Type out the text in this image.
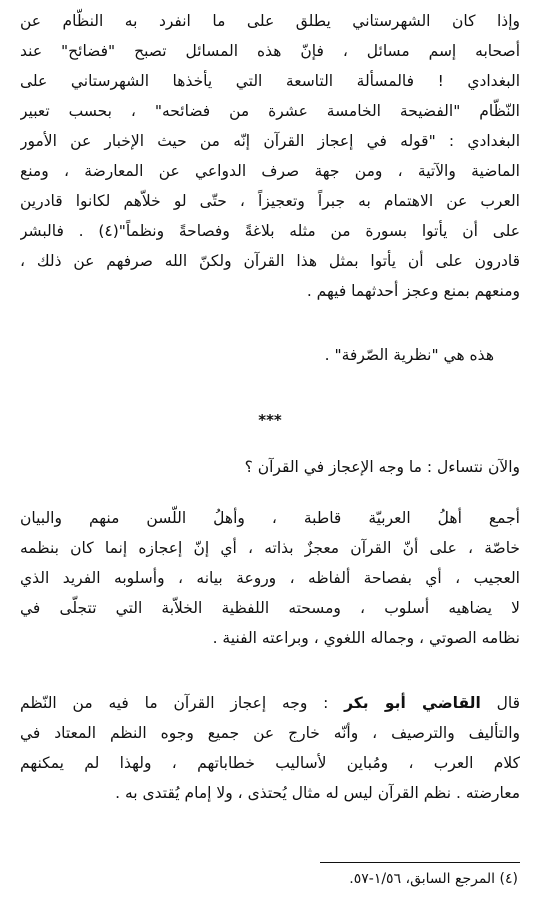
وإذا كان الشهرستاني يطلق على ما انفرد به النظّام عن
أصحابه إسم مسائل ، فإنّ هذه المسائل تصبح "فضائح" عند
البغدادي ! فالمسألة التاسعة التي يأخذها الشهرستاني على
النّظّام "الفضيحة الخامسة عشرة من فضائحه" ، بحسب تعبير
البغدادي : "قوله في إعجاز القرآن إنّه من حيث الإخبار عن الأمور
الماضية والآتية ، ومن جهة صرف الدواعي عن المعارضة ، ومنع
العرب عن الاهتمام به جبراً وتعجيزاً ، حتّى لو خلاّهم لكانوا قادرين
على أن يأتوا بسورة من مثله بلاغةً وفصاحةً ونظماً"(٤) . فالبشر
قادرون على أن يأتوا بمثل هذا القرآن ولكنّ الله صرفهم عن ذلك ،
ومنعهم بمنع وعجز أحدثهما فيهم .
هذه هي "نظرية الصّرفة" .
***
والآن نتساءل : ما وجه الإعجاز في القرآن ؟
أجمع أهلُ العربيّة قاطبة ، وأهلُ اللّسن منهم والبيان
خاصّة ، على أنّ القرآن معجزٌ بذاته ، أي إنّ إعجازه إنما كان بنظمه
العجيب ، أي بفصاحة ألفاظه ، وروعة بيانه ، وأسلوبه الفريد الذي
لا يضاهيه أسلوب ، ومسحته اللفظية الخلاّبة التي تتجلّى في
نظامه الصوتي ، وجماله اللغوي ، وبراعته الفنية .
قال القاضي أبو بكر : وجه إعجاز القرآن ما فيه من النّظم
والتأليف والترصيف ، وأنّه خارج عن جميع وجوه النظم المعتاد في
كلام العرب ، ومُباين لأساليب خطاباتهم ، ولهذا لم يمكنهم
معارضته . نظم القرآن ليس له مثال يُحتذى ، ولا إمام يُقتدى به .
(٤) المرجع السابق، ١/٥٦-٥٧.
